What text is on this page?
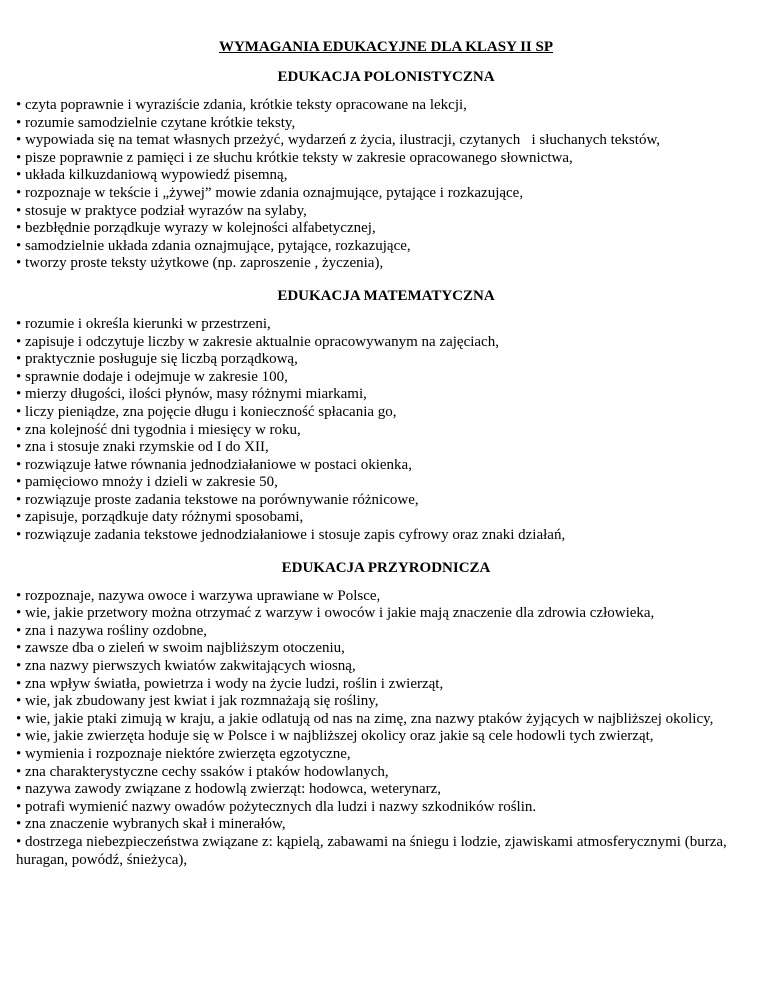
WYMAGANIA EDUKACYJNE DLA KLASY II SP
EDUKACJA POLONISTYCZNA
• czyta poprawnie i wyraziście zdania, krótkie teksty opracowane na lekcji,
• rozumie samodzielnie czytane krótkie teksty,
• wypowiada się na temat własnych przeżyć, wydarzeń z życia, ilustracji, czytanych   i słuchanych tekstów,
• pisze poprawnie z pamięci i ze słuchu krótkie teksty w zakresie opracowanego słownictwa,
• układa kilkuzdaniową wypowiedź pisemną,
• rozpoznaje w tekście i „żywej” mowie zdania oznajmujące, pytające i rozkazujące,
• stosuje w praktyce podział wyrazów na sylaby,
• bezbłędnie porządkuje wyrazy w kolejności alfabetycznej,
• samodzielnie układa zdania oznajmujące, pytające, rozkazujące,
• tworzy proste teksty użytkowe (np. zaproszenie , życzenia),
EDUKACJA MATEMATYCZNA
• rozumie i określa kierunki w przestrzeni,
• zapisuje i odczytuje liczby w zakresie aktualnie opracowywanym na zajęciach,
• praktycznie posługuje się liczbą porządkową,
• sprawnie dodaje i odejmuje w zakresie 100,
• mierzy długości, ilości płynów, masy różnymi miarkami,
• liczy pieniądze, zna pojęcie długu i konieczność spłacania go,
• zna kolejność dni tygodnia i miesięcy w roku,
• zna i stosuje znaki rzymskie od I do XII,
• rozwiązuje łatwe równania jednodziałaniowe w postaci okienka,
• pamięciowo mnoży i dzieli w zakresie 50,
• rozwiązuje proste zadania tekstowe na porównywanie różnicowe,
• zapisuje, porządkuje daty różnymi sposobami,
• rozwiązuje zadania tekstowe jednodziałaniowe i stosuje zapis cyfrowy oraz znaki działań,
EDUKACJA PRZYRODNICZA
• rozpoznaje, nazywa owoce i warzywa uprawiane w Polsce,
• wie, jakie przetwory można otrzymać z warzyw i owoców i jakie mają znaczenie dla zdrowia człowieka,
• zna i nazywa rośliny ozdobne,
• zawsze dba o zieleń w swoim najbliższym otoczeniu,
• zna nazwy pierwszych kwiatów zakwitających wiosną,
• zna wpływ światła, powietrza i wody na życie ludzi, roślin i zwierząt,
• wie, jak zbudowany jest kwiat i jak rozmnażają się rośliny,
• wie, jakie ptaki zimują w kraju, a jakie odlatują od nas na zimę, zna nazwy ptaków żyjących w najbliższej okolicy,
• wie, jakie zwierzęta hoduje się w Polsce i w najbliższej okolicy oraz jakie są cele hodowli tych zwierząt,
• wymienia i rozpoznaje niektóre zwierzęta egzotyczne,
• zna charakterystyczne cechy ssaków i ptaków hodowlanych,
• nazywa zawody związane z hodowlą zwierząt: hodowca, weterynarz,
• potrafi wymienić nazwy owadów pożytecznych dla ludzi i nazwy szkodników roślin.
• zna znaczenie wybranych skał i minerałów,
• dostrzega niebezpieczeństwa związane z: kąpielą, zabawami na śniegu i lodzie, zjawiskami atmosferycznymi (burza, huragan, powódź, śnieżyca),
